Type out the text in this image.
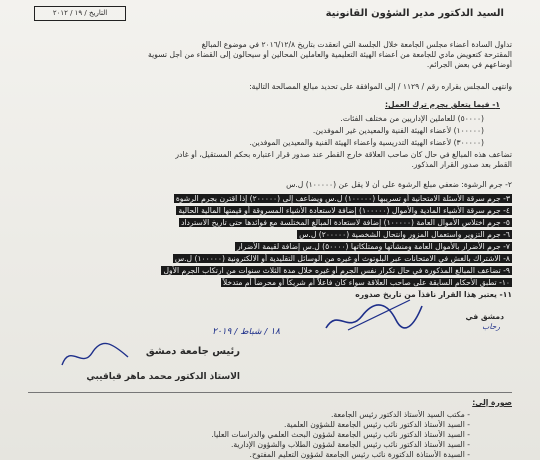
التاريخ / ١٩ / ٢٠١٢	السيد الدكتور مدير الشؤون القانونية
تداول السادة أعضاء مجلس الجامعة خلال الجلسة التي انعقدت بتاريخ ٢٠١٦/١٢/٨ في موضوع المبالغ
المقترحة كتعويض مادي للجامعة من أعضاء الهيئة التعليمية والعاملين المحالين أو سيحالون إلى القضاء من أجل تسوية
أوضاعهم في بعض الجرائم.
وانتهى المجلس بقراره رقم / ١١٢٩ / إلى الموافقة على تحديد مبالغ المصالحة التالية:
١- فيما يتعلق بجرم ترك العمل:
(٥٠٠٠٠) للعاملين الإداريين من مختلف الفئات.
(١٠٠٠٠٠) لأعضاء الهيئة الفنية والمعيدين غير الموفدين.
(٣٠٠٠٠٠) لأعضاء الهيئة التدريسية وأعضاء الهيئة الفنية والمعيدين الموفدين.
تضاعف هذه المبالغ في حال كان صاحب العلاقة خارج القطر عند صدور قرار اعتباره بحكم المستقيل، أو غادر
القطر بعد صدور القرار المذكور.
٢- جرم الرشوة: ضعفي مبلغ الرشوة على أن لا يقل عن (١٠٠٠٠٠) ل.س
٣- جرم سرقة الأسئلة الامتحانية أو تسريبها (١٠٠٠٠٠) ل.س ويضاعف إلى (٢٠٠٠٠٠) إذا اقترن بجرم الرشوة
٤- جرم سرقة الأشياء المادية والأموال (١٠٠٠٠٠) إضافة لاستعادة الأشياء المسروقة أو قيمتها المالية الحالية
٥- جرم اختلاس الأموال العامة (١٠٠٠٠٠) إضافة لاستعادة المبالغ المختلسة مع فوائدها حتى تاريخ الاسترداد
٦- جرم التزوير واستعمال المزور وانتحال الشخصية (٢٠٠٠٠٠) ل.س
٧- جرم الأضرار بالأموال العامة ومنشآتها وممتلكاتها (٥٠٠٠٠) ل.س إضافة لقيمة الأضرار
٨- الاشتراك بالغش في الامتحانات عبر البلوتوث أو غيره من الوسائل التقليدية أو الالكترونية (١٠٠٠٠٠) ل.س
٩- تضاعف المبالغ المذكورة في حال تكرار نفس الجرم أو غيره خلال مدة الثلاث سنوات من ارتكاب الجرم الأول
١٠- تطبق الأحكام السابقة على صاحب العلاقة سواء كان فاعلاً أم شريكاً أو محرضاً أم متدخلاً
١١- يعتبر هذا القرار نافذاً من تاريخ صدوره
دمشق في
رحاب
١٨ / شباط / ٢٠١٩
رئيس جامعة دمشق
الأستاذ الدكتور محمد ماهر قباقيبي
صورة إلى:
- مكتب السيد الأستاذ الدكتور رئيس الجامعة.
- السيد الأستاذ الدكتور نائب رئيس الجامعة للشؤون العلمية.
- السيد الأستاذ الدكتور نائب رئيس الجامعة لشؤون البحث العلمي والدراسات العليا.
- السيد الأستاذ الدكتور نائب رئيس الجامعة لشؤون الطلاب والشؤون الإدارية.
- السيدة الأستاذة الدكتورة نائب رئيس الجامعة لشؤون التعليم المفتوح.
